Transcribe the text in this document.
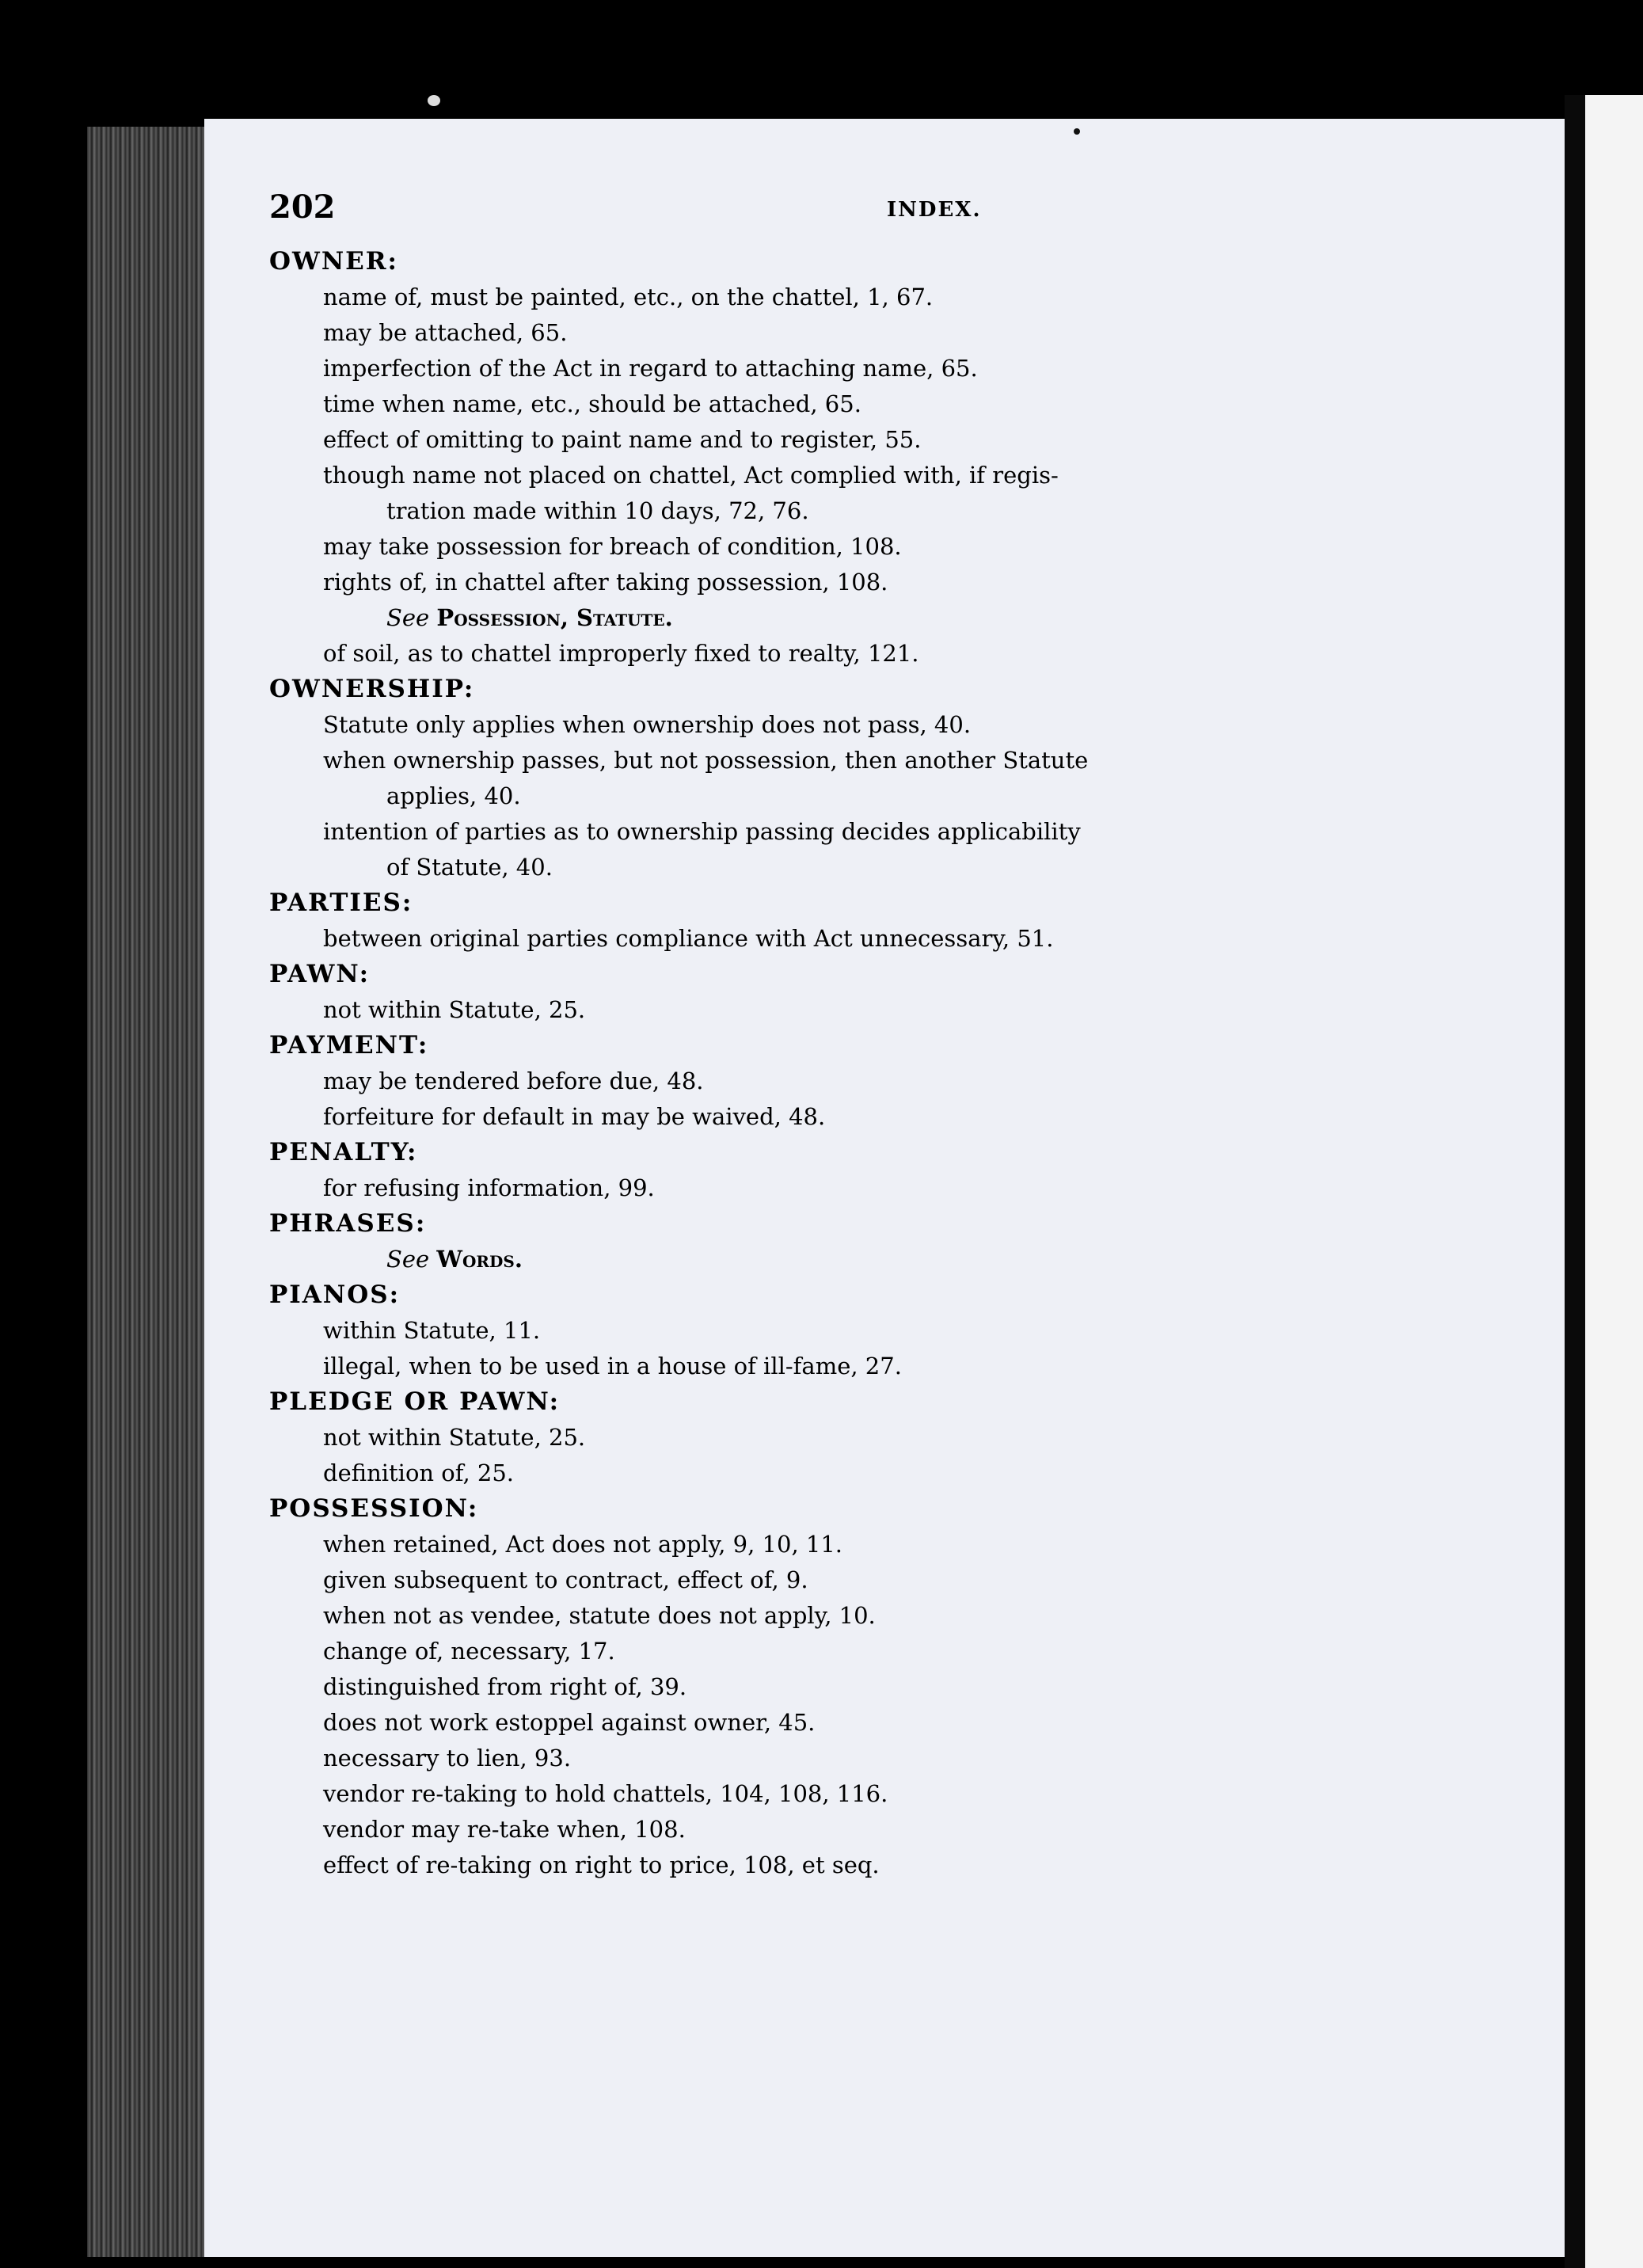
202	INDEX.
OWNER:
name of, must be painted, etc., on the chattel, 1, 67.
may be attached, 65.
imperfection of the Act in regard to attaching name, 65.
time when name, etc., should be attached, 65.
effect of omitting to paint name and to register, 55.
though name not placed on chattel, Act complied with, if regis-
tration made within 10 days, 72, 76.
may take possession for breach of condition, 108.
rights of, in chattel after taking possession, 108.
See Possession, Statute.
of soil, as to chattel improperly fixed to realty, 121.
OWNERSHIP:
Statute only applies when ownership does not pass, 40.
when ownership passes, but not possession, then another Statute
applies, 40.
intention of parties as to ownership passing decides applicability
of Statute, 40.
PARTIES:
between original parties compliance with Act unnecessary, 51.
PAWN:
not within Statute, 25.
PAYMENT:
may be tendered before due, 48.
forfeiture for default in may be waived, 48.
PENALTY:
for refusing information, 99.
PHRASES:
See Words.
PIANOS:
within Statute, 11.
illegal, when to be used in a house of ill-fame, 27.
PLEDGE OR PAWN:
not within Statute, 25.
definition of, 25.
POSSESSION:
when retained, Act does not apply, 9, 10, 11.
given subsequent to contract, effect of, 9.
when not as vendee, statute does not apply, 10.
change of, necessary, 17.
distinguished from right of, 39.
does not work estoppel against owner, 45.
necessary to lien, 93.
vendor re-taking to hold chattels, 104, 108, 116.
vendor may re-take when, 108.
effect of re-taking on right to price, 108, et seq.
